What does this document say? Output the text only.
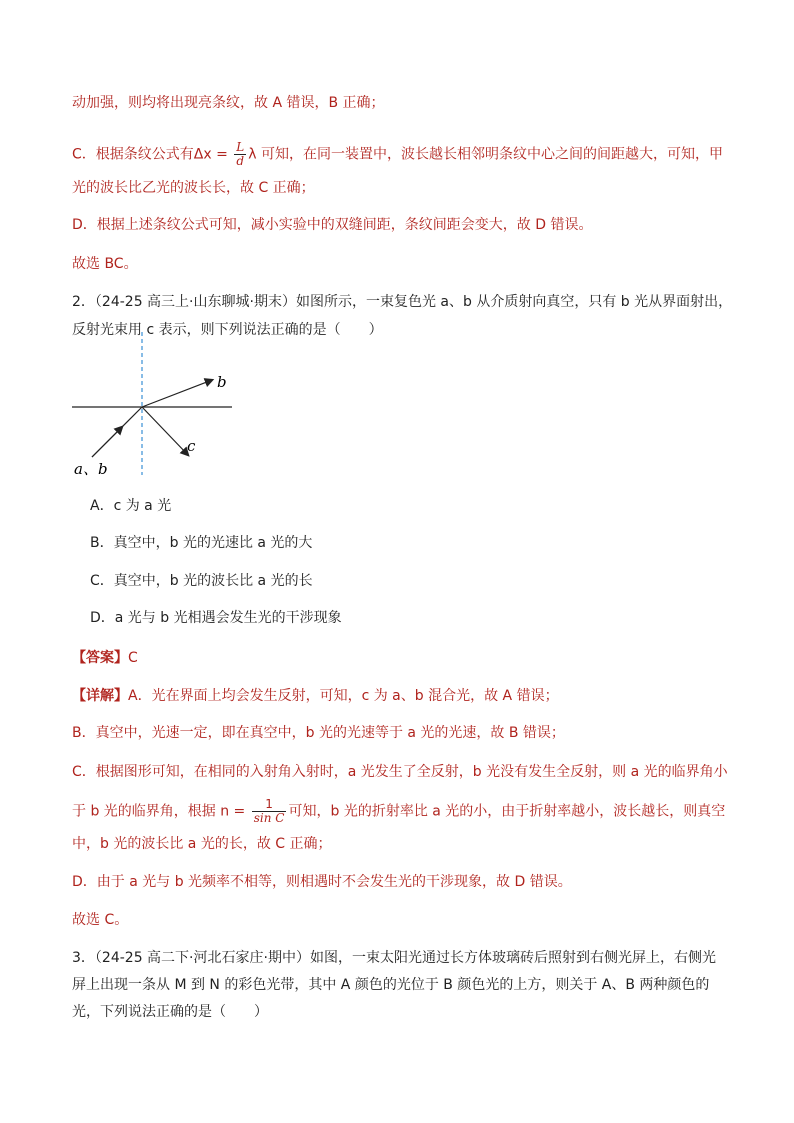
动加强，则均将出现亮条纹，故 A 错误，B 正确；
C．根据条纹公式有$\Delta x = \frac{L}{d}$ λ 可知，在同一装置中，波长越长相邻明条纹中心之间的间距越大，可知，甲
光的波长比乙光的波长长，故 C 正确；
D．根据上述条纹公式可知，减小实验中的双缝间距，条纹间距会变大，故 D 错误。
故选 BC。
2．（24-25 高三上·山东聊城·期末）如图所示，一束复色光 a、b 从介质射向真空，只有 b 光从界面射出，
反射光束用 c 表示，则下列说法正确的是（　　）
b
c
a、b
A．c 为 a 光
B．真空中，b 光的光速比 a 光的大
C．真空中，b 光的波长比 a 光的长
D．a 光与 b 光相遇会发生光的干涉现象
【答案】C
【详解】A．光在界面上均会发生反射，可知，c 为 a、b 混合光，故 A 错误；
B．真空中，光速一定，即在真空中，b 光的光速等于 a 光的光速，故 B 错误；
C．根据图形可知，在相同的入射角入射时，a 光发生了全反射，b 光没有发生全反射，则 a 光的临界角小
于 b 光的临界角，根据 $n = \frac{1}{\text{sin C}}$ 可知，b 光的折射率比 a 光的小，由于折射率越小，波长越长，则真空
中，b 光的波长比 a 光的长，故 C 正确；
D．由于 a 光与 b 光频率不相等，则相遇时不会发生光的干涉现象，故 D 错误。
故选 C。
3．（24-25 高二下·河北石家庄·期中）如图，一束太阳光通过长方体玻璃砖后照射到右侧光屏上，右侧光
屏上出现一条从 M 到 N 的彩色光带，其中 A 颜色的光位于 B 颜色光的上方，则关于 A、B 两种颜色的
光，下列说法正确的是（　　）
